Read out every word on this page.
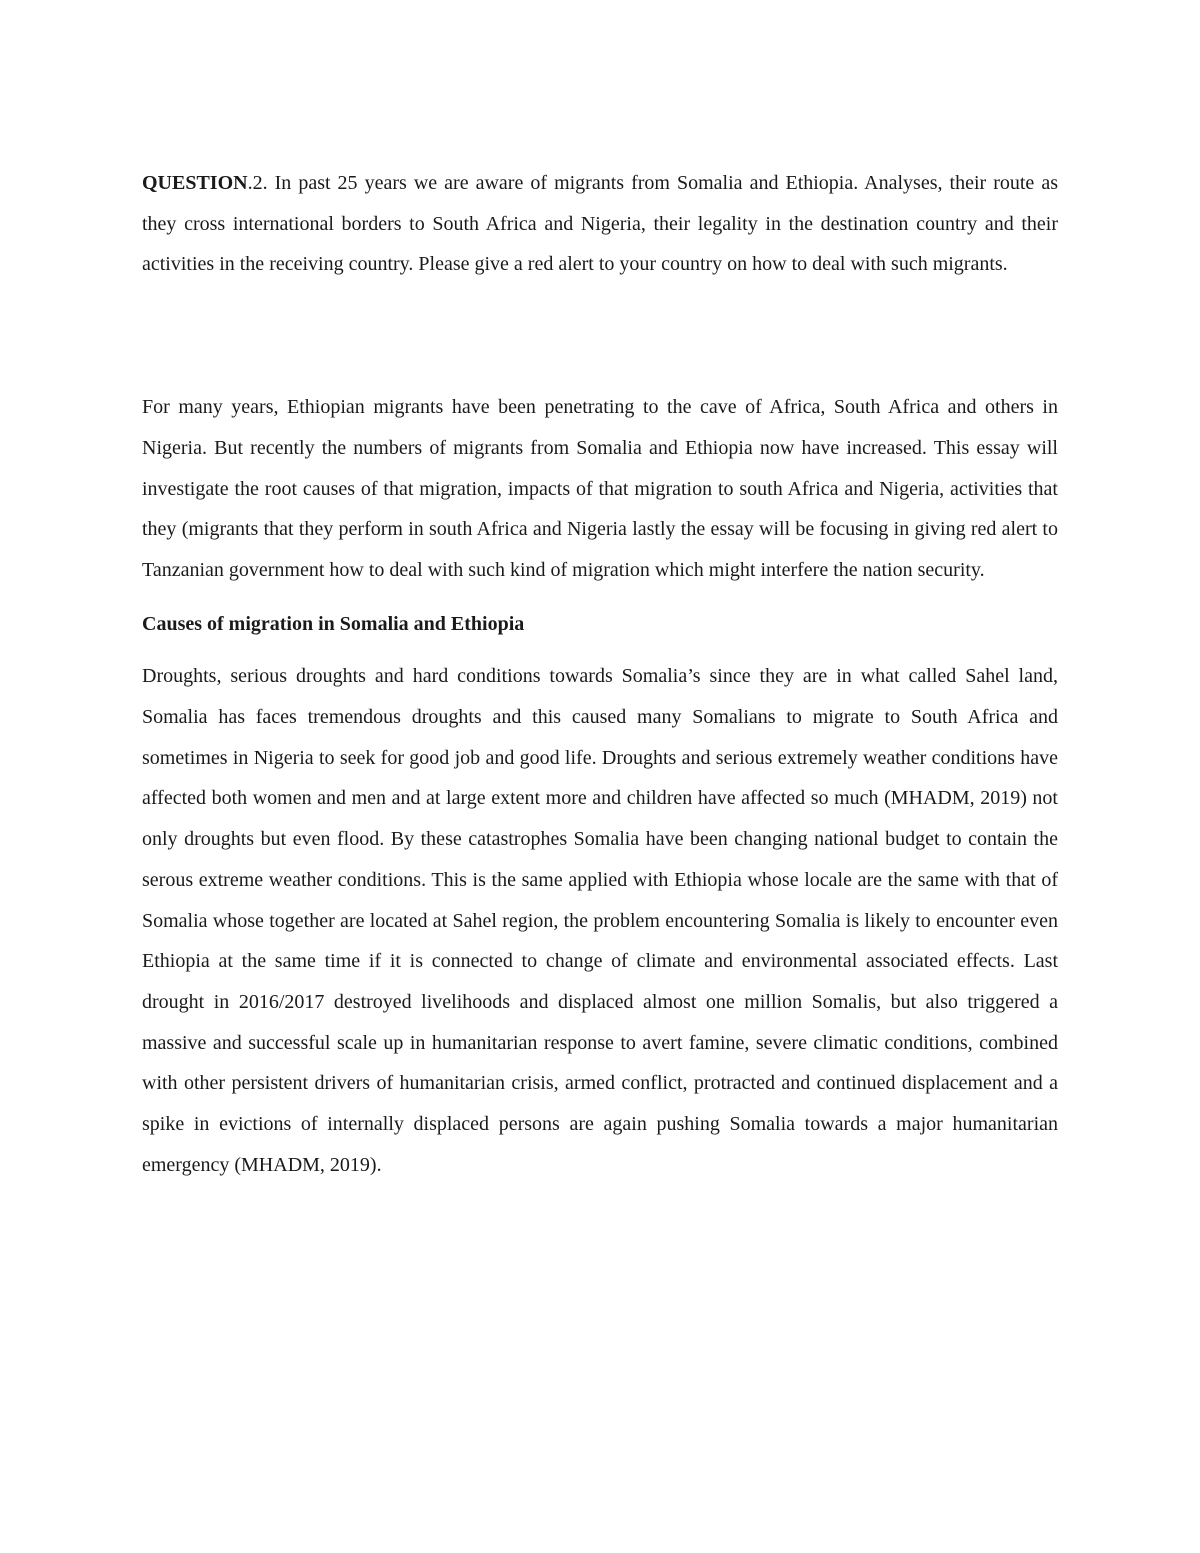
QUESTION.2. In past 25 years we are aware of migrants from Somalia and Ethiopia. Analyses, their route as they cross international borders to South Africa and Nigeria, their legality in the destination country and their activities in the receiving country. Please give a red alert to your country on how to deal with such migrants.

For many years, Ethiopian migrants have been penetrating to the cave of Africa, South Africa and others in Nigeria. But recently the numbers of migrants from Somalia and Ethiopia now have increased. This essay will investigate the root causes of that migration, impacts of that migration to south Africa and Nigeria, activities that they (migrants that they perform in south Africa and Nigeria lastly the essay will be focusing in giving red alert to Tanzanian government how to deal with such kind of migration which might interfere the nation security.

Causes of migration in Somalia and Ethiopia

Droughts, serious droughts and hard conditions towards Somalia’s since they are in what called Sahel land, Somalia has faces tremendous droughts and this caused many Somalians to migrate to South Africa and sometimes in Nigeria to seek for good job and good life. Droughts and serious extremely weather conditions have affected both women and men and at large extent more and children have affected so much (MHADM, 2019) not only droughts but even flood. By these catastrophes Somalia have been changing national budget to contain the serous extreme weather conditions. This is the same applied with Ethiopia whose locale are the same with that of Somalia whose together are located at Sahel region, the problem encountering Somalia is likely to encounter even Ethiopia at the same time if it is connected to change of climate and environmental associated effects. Last drought in 2016/2017 destroyed livelihoods and displaced almost one million Somalis, but also triggered a massive and successful scale up in humanitarian response to avert famine, severe climatic conditions, combined with other persistent drivers of humanitarian crisis, armed conflict, protracted and continued displacement and a spike in evictions of internally displaced persons are again pushing Somalia towards a major humanitarian emergency (MHADM, 2019).
